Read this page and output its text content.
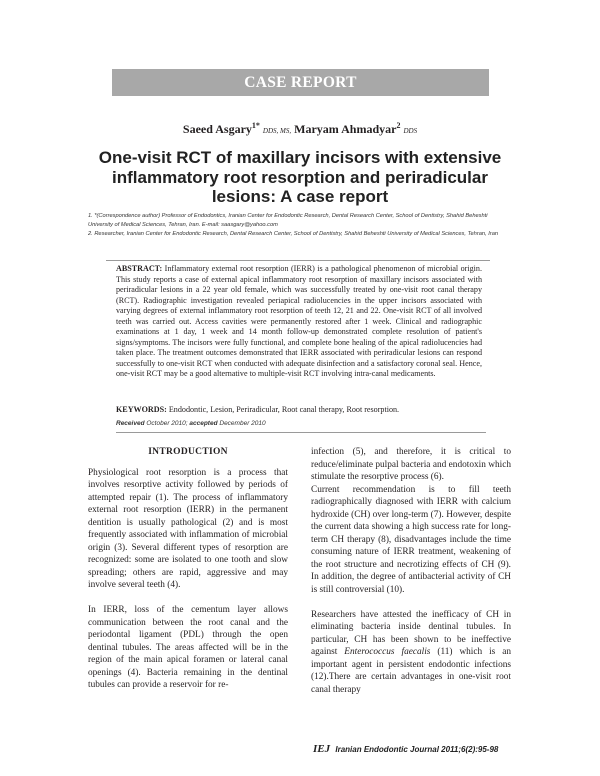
CASE REPORT
Saeed Asgary$^{1*}$ DDS, MS, Maryam Ahmadyar$^2$ DDS
One-visit RCT of maxillary incisors with extensive inflammatory root resorption and periradicular lesions: A case report
1. *(Correspondence author) Professor of Endodontics, Iranian Center for Endodontic Research, Dental Research Center, School of Dentistry, Shahid Beheshti University of Medical Sciences, Tehran, Iran. E-mail: saasgary@yahoo.com
2. Researcher, Iranian Center for Endodontic Research, Dental Research Center, School of Dentistry, Shahid Beheshti University of Medical Sciences, Tehran, Iran
ABSTRACT: Inflammatory external root resorption (IERR) is a pathological phenomenon of microbial origin. This study reports a case of external apical inflammatory root resorption of maxillary incisors associated with periradicular lesions in a 22 year old female, which was successfully treated by one-visit root canal therapy (RCT). Radiographic investigation revealed periapical radiolucencies in the upper incisors associated with varying degrees of external inflammatory root resorption of teeth 12, 21 and 22. One-visit RCT of all involved teeth was carried out. Access cavities were permanently restored after 1 week. Clinical and radiographic examinations at 1 day, 1 week and 14 month follow-up demonstrated complete resolution of patient's signs/symptoms. The incisors were fully functional, and complete bone healing of the apical radiolucencies had taken place. The treatment outcomes demonstrated that IERR associated with periradicular lesions can respond successfully to one-visit RCT when conducted with adequate disinfection and a satisfactory coronal seal. Hence, one-visit RCT may be a good alternative to multiple-visit RCT involving intra-canal medicaments.
KEYWORDS: Endodontic, Lesion, Periradicular, Root canal therapy, Root resorption.
Received October 2010; accepted December 2010
INTRODUCTION

Physiological root resorption is a process that involves resorptive activity followed by periods of attempted repair (1). The process of inflammatory external root resorption (IERR) in the permanent dentition is usually pathological (2) and is most frequently associated with inflammation of microbial origin (3). Several different types of resorption are recognized: some are isolated to one tooth and slow spreading; others are rapid, aggressive and may involve several teeth (4).

In IERR, loss of the cementum layer allows communication between the root canal and the periodontal ligament (PDL) through the open dentinal tubules. The areas affected will be in the region of the main apical foramen or lateral canal openings (4). Bacteria remaining in the dentinal tubules can provide a reservoir for re-

infection (5), and therefore, it is critical to reduce/eliminate pulpal bacteria and endotoxin which stimulate the resorptive process (6).

Current recommendation is to fill teeth radiographically diagnosed with IERR with calcium hydroxide (CH) over long-term (7). However, despite the current data showing a high success rate for long-term CH therapy (8), disadvantages include the time consuming nature of IERR treatment, weakening of the root structure and necrotizing effects of CH (9). In addition, the degree of antibacterial activity of CH is still controversial (10).

Researchers have attested the inefficacy of CH in eliminating bacteria inside dentinal tubules. In particular, CH has been shown to be ineffective against Enterococcus faecalis (11) which is an important agent in persistent endodontic infections (12).There are certain advantages in one-visit root canal therapy

IEJ Iranian Endodontic Journal 2011;6(2):95-98
